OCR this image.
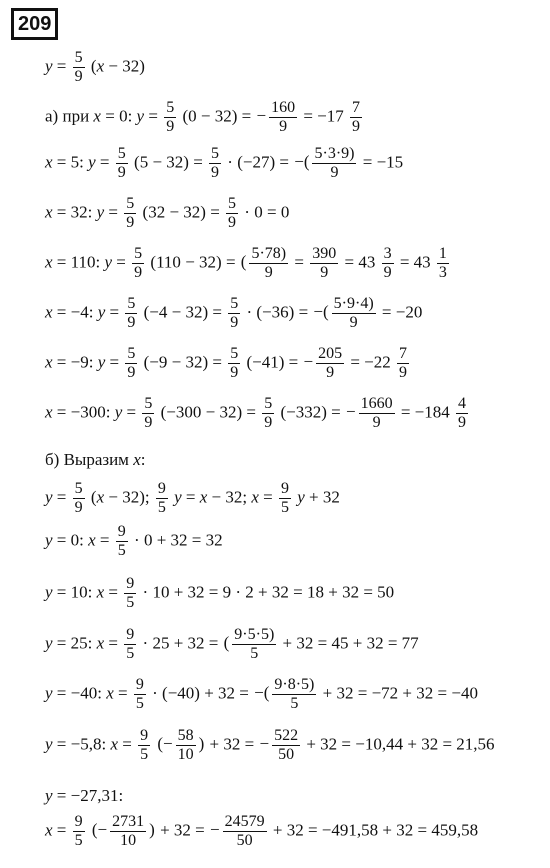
209
$y = \frac{5}{9} (x - 32)$
а) при x = 0: $y = \frac{5}{9} (0 - 32)$ = − $\frac{160}{9} = -17 \frac{7}{9}$
x = 5: $y = \frac{5}{9} (5 - 32) = \frac{5}{9} \cdot (-27)$ = −( $\frac{5\cdot 3\cdot 9)}{9} = -15$
x = 32: $y = \frac{5}{9} (32 - 32) = \frac{5}{9} \cdot 0 = 0$
x = 110: $y = \frac{5}{9} (110 - 32)$ = ( $\frac{5\cdot 78)}{9} = \frac{390}{9} = 43 \frac{3}{9} = 43 \frac{1}{3}$
x = −4: $y = \frac{5}{9} (-4 - 32) = \frac{5}{9} \cdot (-36)$ = −( $\frac{5\cdot 9\cdot 4)}{9} = -20$
x = −9: $y = \frac{5}{9} (-9 - 32) = \frac{5}{9} (-41)$ = − $\frac{205}{9} = -22 \frac{7}{9}$
x = −300: $y = \frac{5}{9} (-300 - 32) = \frac{5}{9} (-332)$ = − $\frac{1660}{9} = -184 \frac{4}{9}$
б) Выразим x:
$y = \frac{5}{9} (x - 32)$; $\frac{9}{5}$ y = x − 32; $x = \frac{9}{5}$ y + 32
y = 0: $x = \frac{9}{5} \cdot 0 + 32 = 32$
y = 10: $x = \frac{9}{5} \cdot 10 + 32 = 9 \cdot 2 + 32 = 18 + 32 = 50$
y = 25: $x = \frac{9}{5} \cdot 25 + 32$ = ( $\frac{9\cdot 5\cdot 5)}{5} + 32 = 45 + 32 = 77$
y = −40: $x = \frac{9}{5} \cdot (-40) + 32$ = −( $\frac{9\cdot 8\cdot 5)}{5} + 32 = -72 + 32 = -40$
y = −5,8: $x = \frac{9}{5}$ (− $\frac{58}{10}$ ) + 32 = − $\frac{522}{50} + 32 = -10,44 + 32 = 21,56$
y = −27,31:
$x = \frac{9}{5}$ (− $\frac{2731}{10}$ ) + 32 = − $\frac{24579}{50} + 32 = -491,58 + 32 = 459,58$
